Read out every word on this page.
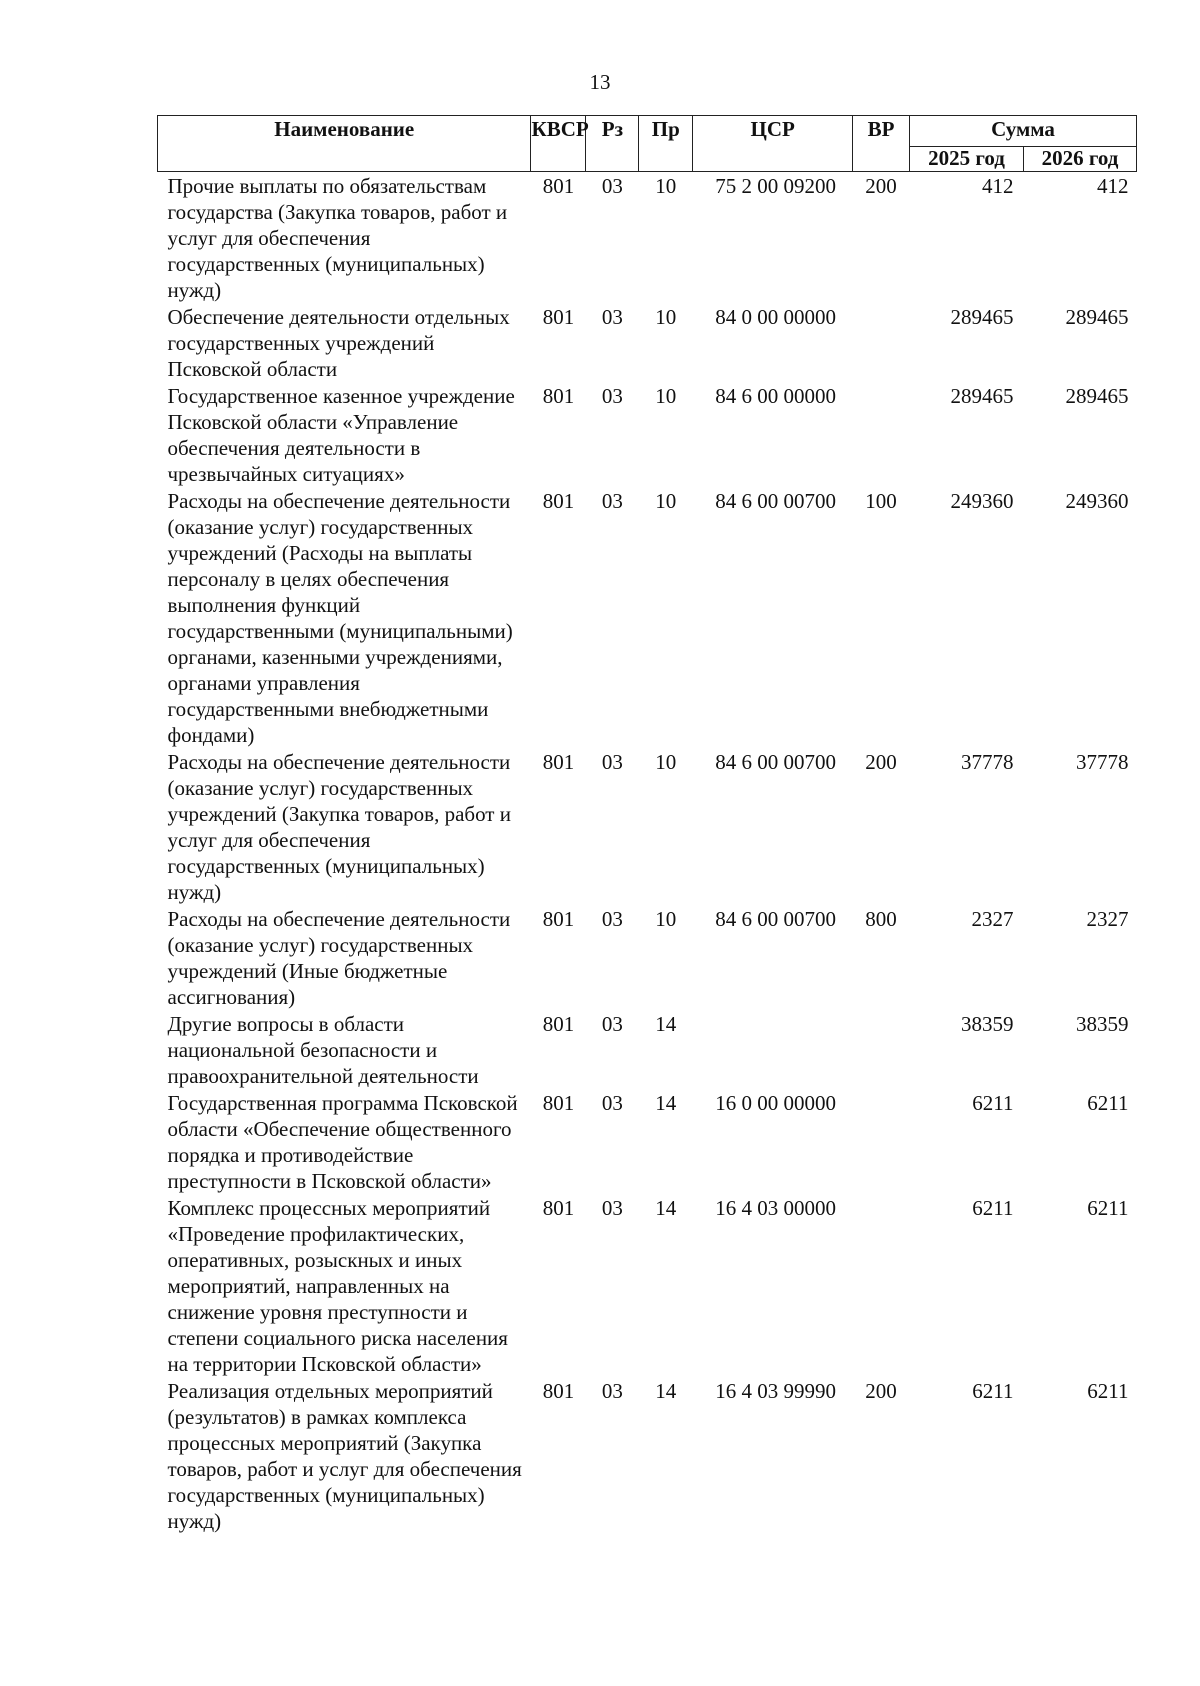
13
Наименование	КВСР	Рз	Пр	ЦСР	ВР	Сумма	
						2025 год	2026 год
Прочие выплаты по обязательствам государства (Закупка товаров, работ и услуг для обеспечения государственных (муниципальных) нужд)	801	03	10	75 2 00 09200	200	412	412
Обеспечение деятельности отдельных государственных учреждений Псковской области	801	03	10	84 0 00 00000		289465	289465
Государственное казенное учреждение Псковской области «Управление обеспечения деятельности в чрезвычайных ситуациях»	801	03	10	84 6 00 00000		289465	289465
Расходы на обеспечение деятельности (оказание услуг) государственных учреждений (Расходы на выплаты персоналу в целях обеспечения выполнения функций государственными (муниципальными) органами, казенными учреждениями, органами управления государственными внебюджетными фондами)	801	03	10	84 6 00 00700	100	249360	249360
Расходы на обеспечение деятельности (оказание услуг) государственных учреждений (Закупка товаров, работ и услуг для обеспечения государственных (муниципальных) нужд)	801	03	10	84 6 00 00700	200	37778	37778
Расходы на обеспечение деятельности (оказание услуг) государственных учреждений (Иные бюджетные ассигнования)	801	03	10	84 6 00 00700	800	2327	2327
Другие вопросы в области национальной безопасности и правоохранительной деятельности	801	03	14			38359	38359
Государственная программа Псковской области «Обеспечение общественного порядка и противодействие преступности в Псковской области»	801	03	14	16 0 00 00000		6211	6211
Комплекс процессных мероприятий «Проведение профилактических, оперативных, розыскных и иных мероприятий, направленных на снижение уровня преступности и степени социального риска населения на территории Псковской области»	801	03	14	16 4 03 00000		6211	6211
Реализация отдельных мероприятий (результатов) в рамках комплекса процессных мероприятий (Закупка товаров, работ и услуг для обеспечения государственных (муниципальных) нужд)	801	03	14	16 4 03 99990	200	6211	6211
